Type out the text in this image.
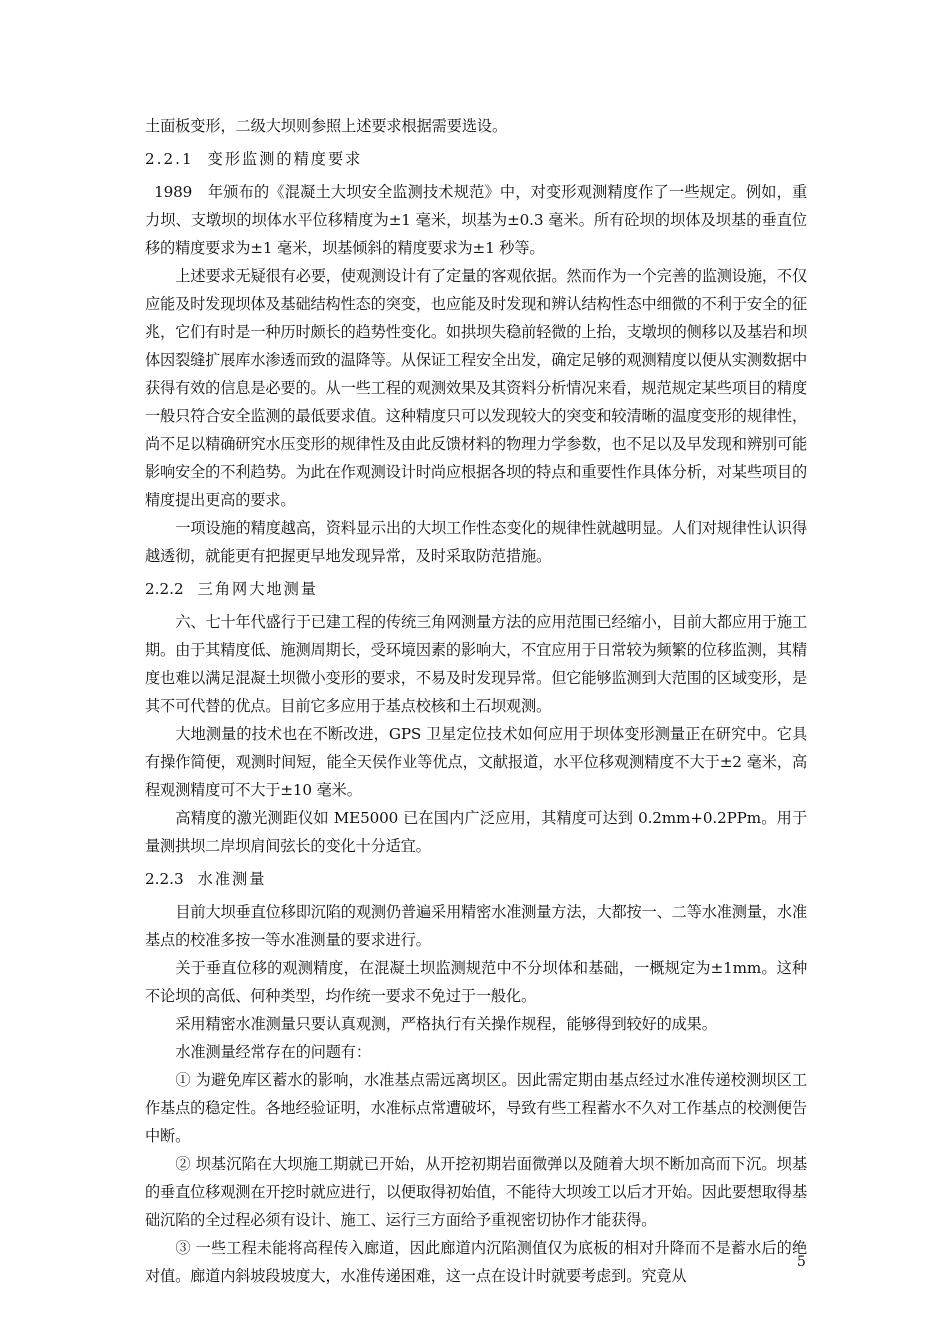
土面板变形，二级大坝则参照上述要求根据需要选设。

2.2.1 变形监测的精度要求

1989　年颁布的《混凝土大坝安全监测技术规范》中，对变形观测精度作了一些规定。例如，重力坝、支墩坝的坝体水平位移精度为±1 毫米，坝基为±0.3 毫米。所有砼坝的坝体及坝基的垂直位移的精度要求为±1 毫米，坝基倾斜的精度要求为±1 秒等。

上述要求无疑很有必要，使观测设计有了定量的客观依据。然而作为一个完善的监测设施，不仅应能及时发现坝体及基础结构性态的突变，也应能及时发现和辨认结构性态中细微的不利于安全的征兆，它们有时是一种历时颇长的趋势性变化。如拱坝失稳前轻微的上抬，支墩坝的侧移以及基岩和坝体因裂缝扩展库水渗透而致的温降等。从保证工程安全出发，确定足够的观测精度以便从实测数据中获得有效的信息是必要的。从一些工程的观测效果及其资料分析情况来看，规范规定某些项目的精度一般只符合安全监测的最低要求值。这种精度只可以发现较大的突变和较清晰的温度变形的规律性，尚不足以精确研究水压变形的规律性及由此反馈材料的物理力学参数，也不足以及早发现和辨别可能影响安全的不利趋势。为此在作观测设计时尚应根据各坝的特点和重要性作具体分析，对某些项目的精度提出更高的要求。

一项设施的精度越高，资料显示出的大坝工作性态变化的规律性就越明显。人们对规律性认识得越透彻，就能更有把握更早地发现异常，及时采取防范措施。

2.2.2 三角网大地测量

六、七十年代盛行于已建工程的传统三角网测量方法的应用范围已经缩小，目前大都应用于施工期。由于其精度低、施测周期长，受环境因素的影响大，不宜应用于日常较为频繁的位移监测，其精度也难以满足混凝土坝微小变形的要求，不易及时发现异常。但它能够监测到大范围的区域变形，是其不可代替的优点。目前它多应用于基点校核和土石坝观测。

大地测量的技术也在不断改进，GPS 卫星定位技术如何应用于坝体变形测量正在研究中。它具有操作简便，观测时间短，能全天侯作业等优点，文献报道，水平位移观测精度不大于±2 毫米，高程观测精度可不大于±10 毫米。

高精度的激光测距仪如 ME5000 已在国内广泛应用，其精度可达到 0.2mm+0.2PPm。用于量测拱坝二岸坝肩间弦长的变化十分适宜。

2.2.3 水准测量

目前大坝垂直位移即沉陷的观测仍普遍采用精密水准测量方法，大都按一、二等水准测量，水准基点的校准多按一等水准测量的要求进行。

关于垂直位移的观测精度，在混凝土坝监测规范中不分坝体和基础，一概规定为±1mm。这种不论坝的高低、何种类型，均作统一要求不免过于一般化。

采用精密水准测量只要认真观测，严格执行有关操作规程，能够得到较好的成果。

水准测量经常存在的问题有：

① 为避免库区蓄水的影响，水准基点需远离坝区。因此需定期由基点经过水准传递校测坝区工作基点的稳定性。各地经验证明，水准标点常遭破坏，导致有些工程蓄水不久对工作基点的校测便告中断。

② 坝基沉陷在大坝施工期就已开始，从开挖初期岩面微弹以及随着大坝不断加高而下沉。坝基的垂直位移观测在开挖时就应进行，以便取得初始值，不能待大坝竣工以后才开始。因此要想取得基础沉陷的全过程必须有设计、施工、运行三方面给予重视密切协作才能获得。

③ 一些工程未能将高程传入廊道，因此廊道内沉陷测值仅为底板的相对升降而不是蓄水后的绝对值。廊道内斜坡段坡度大，水准传递困难，这一点在设计时就要考虑到。究竟从

5
